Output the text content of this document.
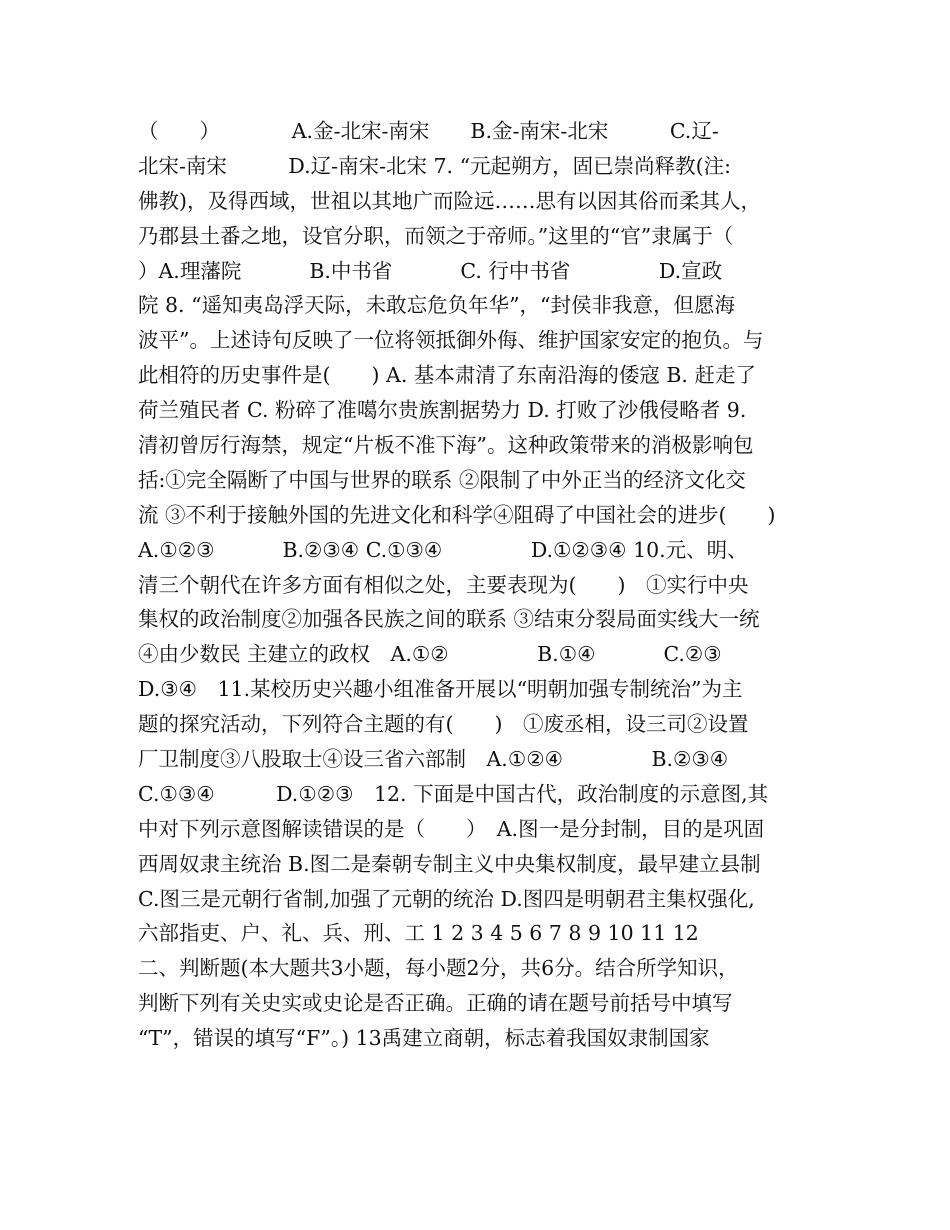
（　　）　　　　A.金-北宋-南宋　　B.金-南宋-北宋　　　C.辽-
北宋-南宋　　　D.辽-南宋-北宋 7. “元起朔方，固已崇尚释教(注:
佛教)，及得西域，世祖以其地广而险远……思有以因其俗而柔其人，
乃郡县土番之地，设官分职，而领之于帝师。”这里的“官”隶属于（
）A.理藩院　　　 B.中书省　　　 C. 行中书省　　　　 D.宣政
院 8. “遥知夷岛浮天际，未敢忘危负年华”，“封侯非我意，但愿海
波平”。上述诗句反映了一位将领抵御外侮、维护国家安定的抱负。与
此相符的历史事件是(　　) A. 基本肃清了东南沿海的倭寇 B. 赶走了
荷兰殖民者 C. 粉碎了准噶尔贵族割据势力 D. 打败了沙俄侵略者 9.
清初曾厉行海禁，规定“片板不准下海”。这种政策带来的消极影响包
括:①完全隔断了中国与世界的联系 ②限制了中外正当的经济文化交
流 ③不利于接触外国的先进文化和科学④阻碍了中国社会的进步(　　)
A.①②③　　　 B.②③④ C.①③④　　　　 D.①②③④ 10.元、明、
清三个朝代在许多方面有相似之处，主要表现为(　　)　①实行中央
集权的政治制度②加强各民族之间的联系 ③结束分裂局面实线大一统
④由少数民 主建立的政权　A.①②　　　　 B.①④　　　 C.②③
D.③④　11.某校历史兴趣小组准备开展以“明朝加强专制统治”为主
题的探究活动，下列符合主题的有(　　)　①废丞相，设三司②设置
厂卫制度③八股取士④设三省六部制　A.①②④　　　　 B.②③④
C.①③④　　　D.①②③　12. 下面是中国古代，政治制度的示意图,其
中对下列示意图解读错误的是（　　）　A.图一是分封制，目的是巩固
西周奴隶主统治 B.图二是秦朝专制主义中央集权制度，最早建立县制
C.图三是元朝行省制,加强了元朝的统治 D.图四是明朝君主集权强化,
六部指吏、户、礼、兵、刑、工 1 2 3 4 5 6 7 8 9 10 11 12
二、判断题(本大题共3小题，每小题2分，共6分。结合所学知识，
判断下列有关史实或史论是否正确。正确的请在题号前括号中填写
“T”，错误的填写“F”。) 13禹建立商朝，标志着我国奴隶制国家
